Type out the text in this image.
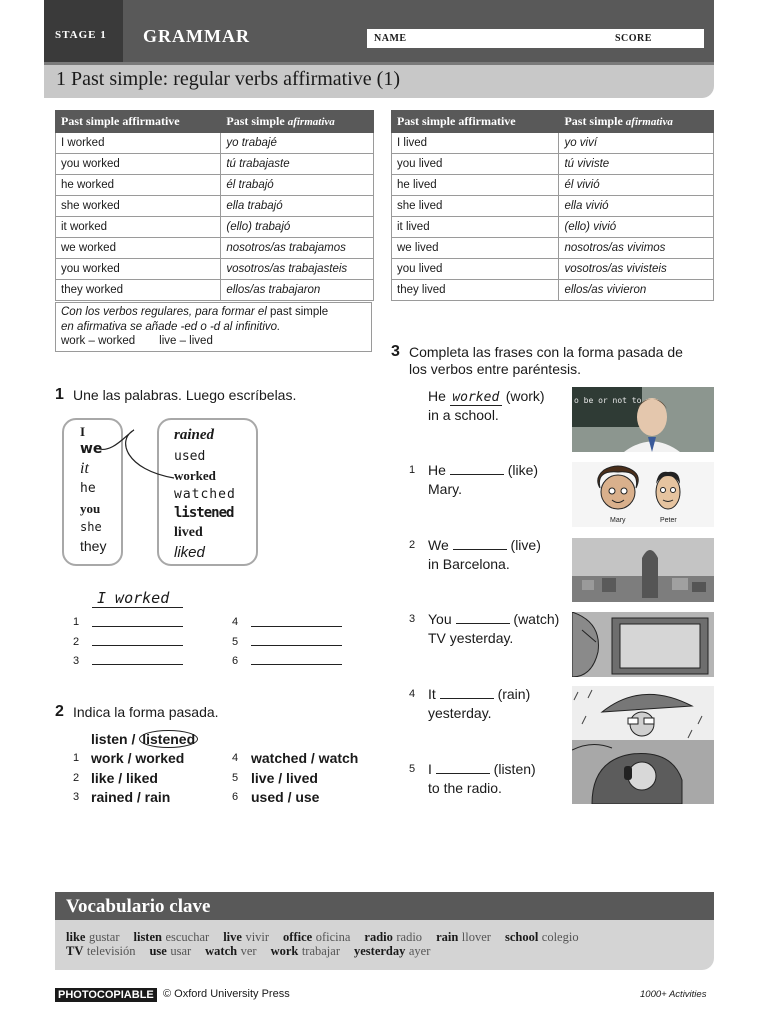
STAGE 1 GRAMMAR	NAME	SCORE
1 Past simple: regular verbs affirmative (1)
Past simple affirmative	Past simple afirmativa
I worked	yo trabajé
you worked	tú trabajaste
he worked	él trabajó
she worked	ella trabajó
it worked	(ello) trabajó
we worked	nosotros/as trabajamos
you worked	vosotros/as trabajasteis
they worked	ellos/as trabajaron
Past simple affirmative	Past simple afirmativa
I lived	yo viví
you lived	tú viviste
he lived	él vivió
she lived	ella vivió
it lived	(ello) vivió
we lived	nosotros/as vivimos
you lived	vosotros/as vivisteis
they lived	ellos/as vivieron
Con los verbos regulares, para formar el past simple
en afirmativa se añade -ed o -d al infinitivo.
work – worked live – lived
1 Une las palabras. Luego escríbelas.
I
we
it
he
you
she
they
rained
used
worked
watched
listened
lived
liked
I worked
1
2
3
4
5
6
2 Indica la forma pasada.
listen / listened
1 work / worked
2 like / liked
3 rained / rain
4 watched / watch
5 live / lived
6 used / use
3 Completa las frases con la forma pasada de
los verbos entre paréntesis.
He worked (work)
in a school.
1 He	(like)
Mary.
2 We	(live)
in Barcelona.
3 You	(watch)
TV yesterday.
4 It	(rain)
yesterday.
5 I	(listen)
to the radio.
o be or not to
Mary	Peter
Vocabulario clave
like gustar listen escuchar live vivir office oficina radio radio rain llover school colegio
TV televisión use usar watch ver work trabajar yesterday ayer
PHOTOCOPIABLE © Oxford University Press	1000+ Activities
